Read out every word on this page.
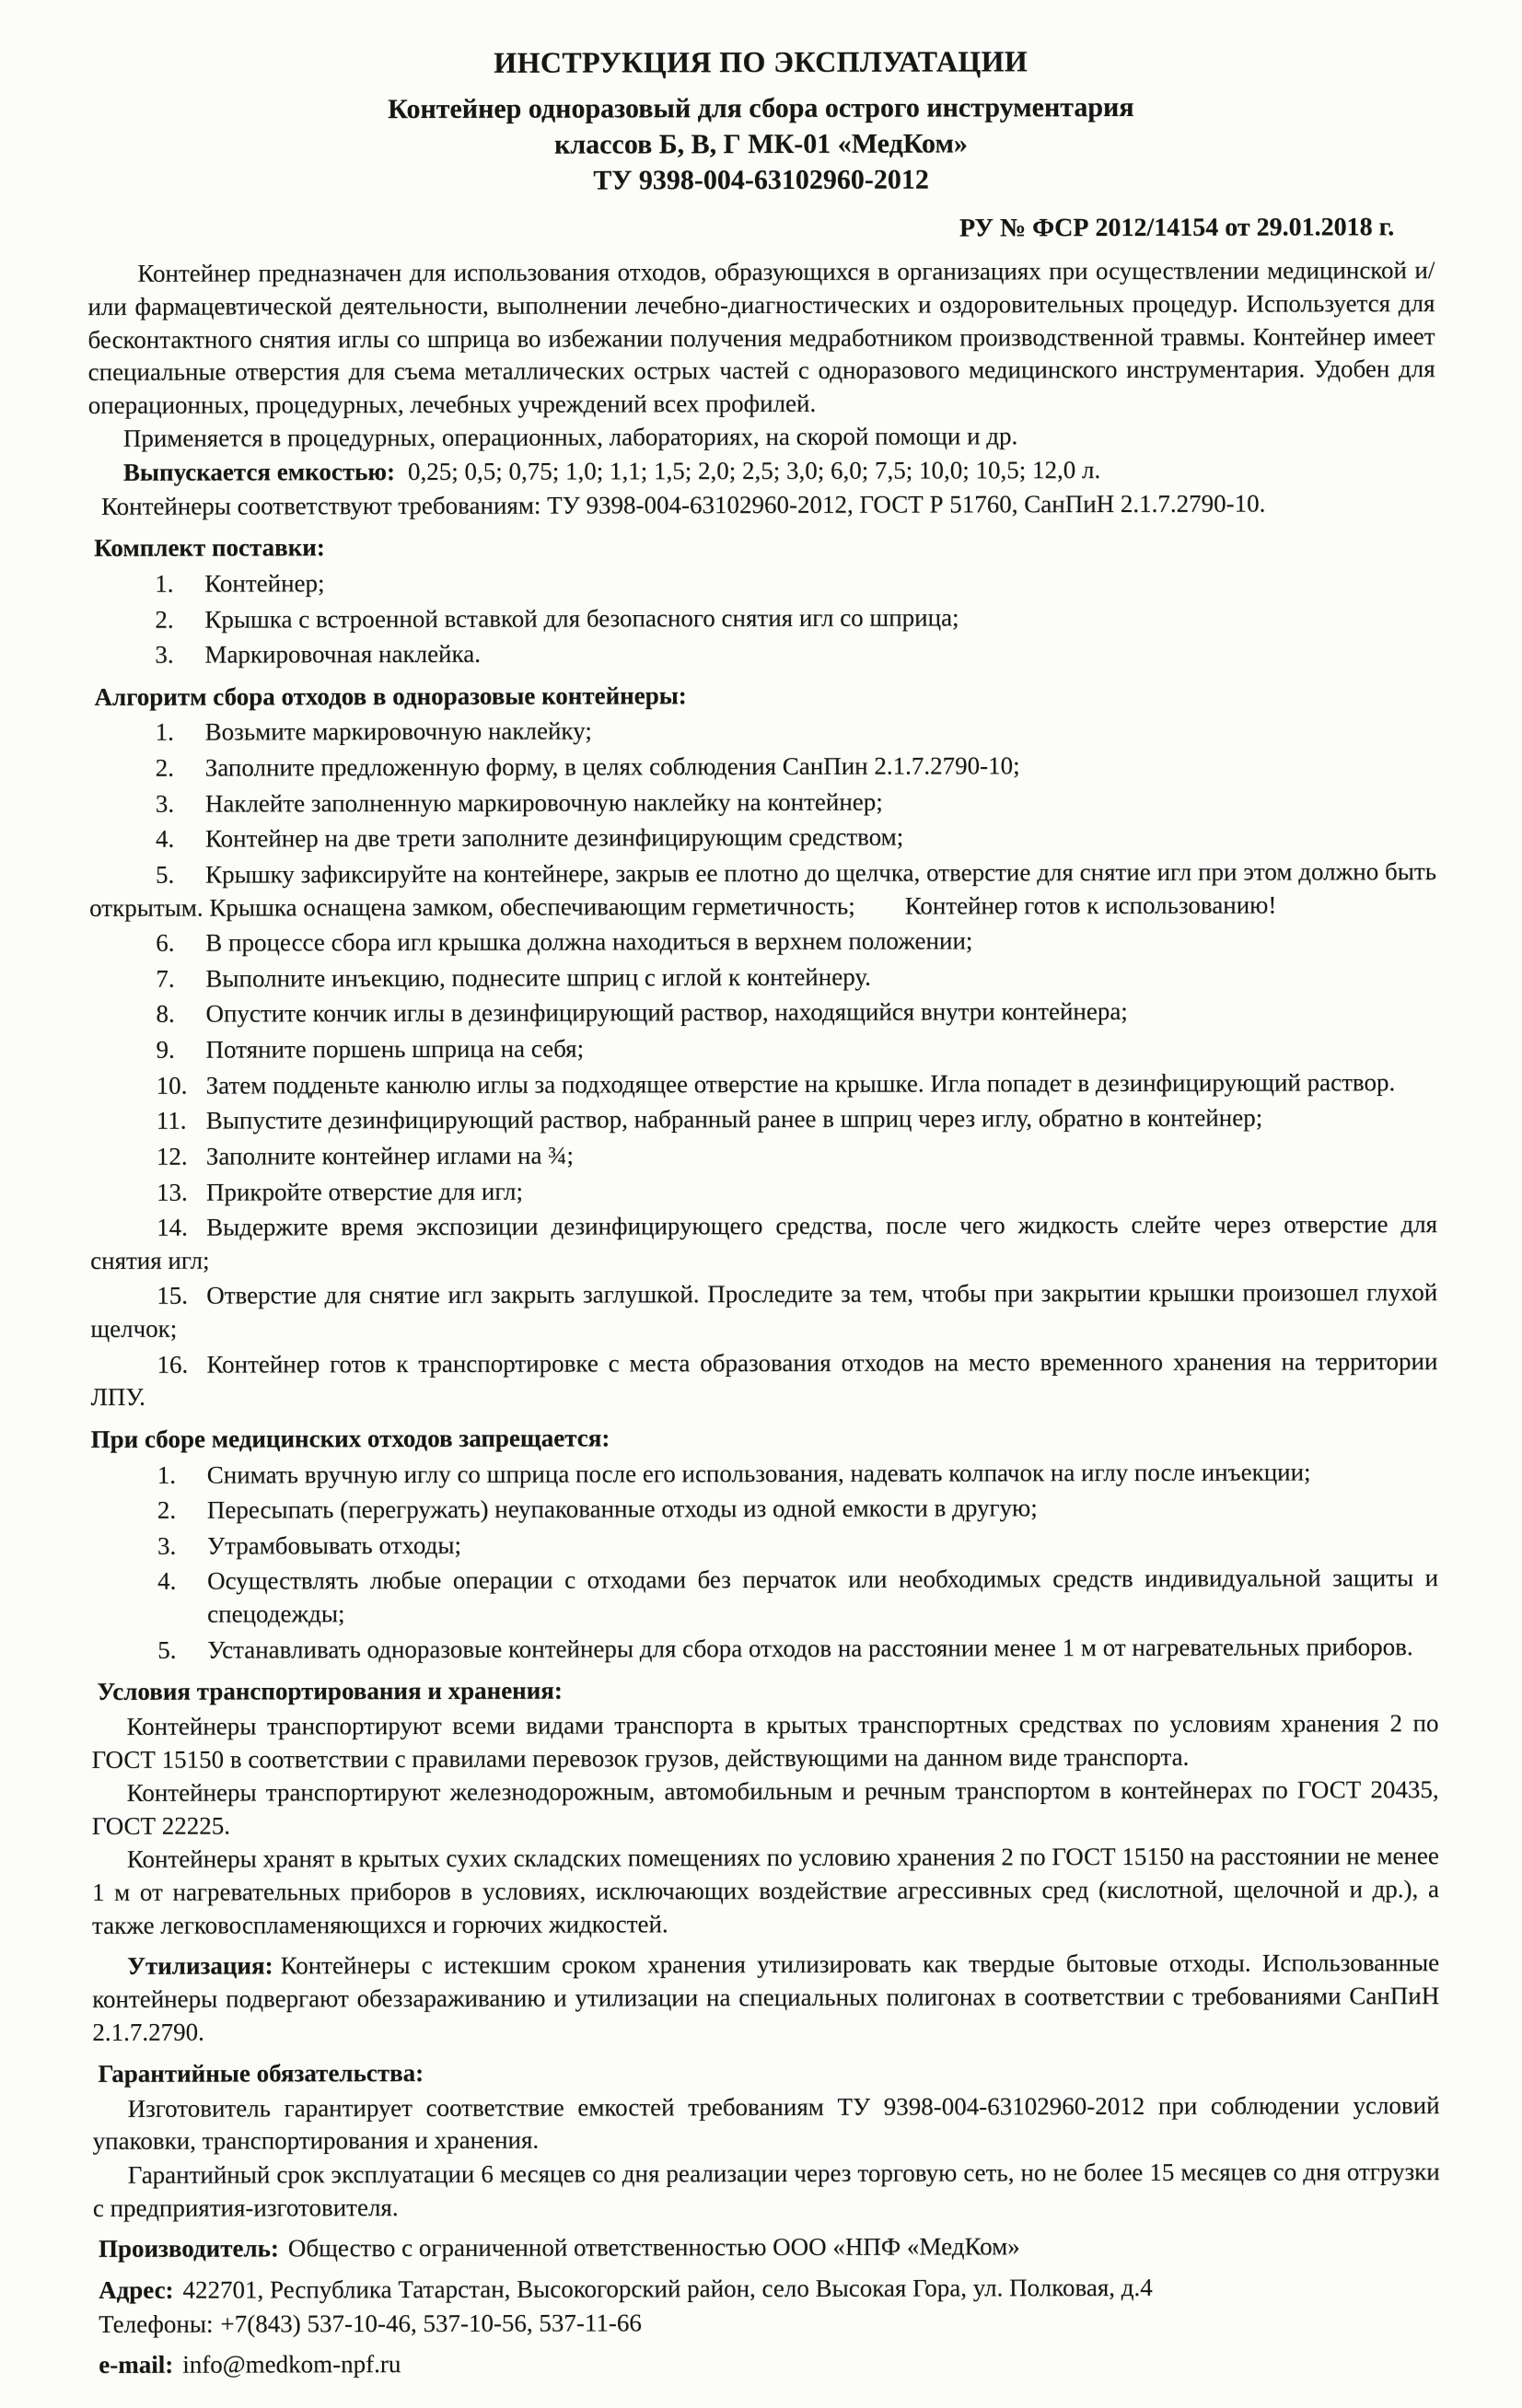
ИНСТРУКЦИЯ ПО ЭКСПЛУАТАЦИИ
Контейнер одноразовый для сбора острого инструментария
классов Б, В, Г МК-01 «МедКом»
ТУ 9398-004-63102960-2012
РУ № ФСР 2012/14154 от 29.01.2018 г.

Контейнер предназначен для использования отходов, образующихся в организациях при осуществлении медицинской и/или фармацевтической деятельности, выполнении лечебно-диагностических и оздоровительных процедур. Используется для бесконтактного снятия иглы со шприца во избежании получения медработником производственной травмы. Контейнер имеет специальные отверстия для съема металлических острых частей с одноразового медицинского инструментария. Удобен для операционных, процедурных, лечебных учреждений всех профилей.

Применяется в процедурных, операционных, лабораториях, на скорой помощи и др.

Выпускается емкостью: 0,25; 0,5; 0,75; 1,0; 1,1; 1,5; 2,0; 2,5; 3,0; 6,0; 7,5; 10,0; 10,5; 12,0 л.

Контейнеры соответствуют требованиям: ТУ 9398-004-63102960-2012, ГОСТ Р 51760, СанПиН 2.1.7.2790-10.

Комплект поставки:
1. Контейнер;
2. Крышка с встроенной вставкой для безопасного снятия игл со шприца;
3. Маркировочная наклейка.
Алгоритм сбора отходов в одноразовые контейнеры:
1. Возьмите маркировочную наклейку;
2. Заполните предложенную форму, в целях соблюдения СанПин 2.1.7.2790-10;
3. Наклейте заполненную маркировочную наклейку на контейнер;
4. Контейнер на две трети заполните дезинфицирующим средством;
5. Крышку зафиксируйте на контейнере, закрыв ее плотно до щелчка, отверстие для снятие игл при этом должно быть открытым. Крышка оснащена замком, обеспечивающим герметичность;  Контейнер готов к использованию!
6. В процессе сбора игл крышка должна находиться в верхнем положении;
7. Выполните инъекцию, поднесите шприц с иглой к контейнеру.
8. Опустите кончик иглы в дезинфицирующий раствор, находящийся внутри контейнера;
9. Потяните поршень шприца на себя;
10. Затем подденьте канюлю иглы за подходящее отверстие на крышке. Игла попадет в дезинфицирующий раствор.
11. Выпустите дезинфицирующий раствор, набранный ранее в шприц через иглу, обратно в контейнер;
12. Заполните контейнер иглами на ¾;
13. Прикройте отверстие для игл;
14. Выдержите время экспозиции дезинфицирующего средства, после чего жидкость слейте через отверстие для снятия игл;
15. Отверстие для снятие игл закрыть заглушкой. Проследите за тем, чтобы при закрытии крышки произошел глухой щелчок;
16. Контейнер готов к транспортировке с места образования отходов на место временного хранения на территории ЛПУ.
При сборе медицинских отходов запрещается:
1. Снимать вручную иглу со шприца после его использования, надевать колпачок на иглу после инъекции;
2. Пересыпать (перегружать) неупакованные отходы из одной емкости в другую;
3. Утрамбовывать отходы;
4. Осуществлять любые операции с отходами без перчаток или необходимых средств индивидуальной защиты и спецодежды;
5. Устанавливать одноразовые контейнеры для сбора отходов на расстоянии менее 1 м от нагревательных приборов.
Условия транспортирования и хранения:

Контейнеры транспортируют всеми видами транспорта в крытых транспортных средствах по условиям хранения 2 по ГОСТ 15150 в соответствии с правилами перевозок грузов, действующими на данном виде транспорта.

Контейнеры транспортируют железнодорожным, автомобильным и речным транспортом в контейнерах по ГОСТ 20435, ГОСТ 22225.

Контейнеры хранят в крытых сухих складских помещениях по условию хранения 2 по ГОСТ 15150 на расстоянии не менее 1 м от нагревательных приборов в условиях, исключающих воздействие агрессивных сред (кислотной, щелочной и др.), а также легковоспламеняющихся и горючих жидкостей.

Утилизация: Контейнеры с истекшим сроком хранения утилизировать как твердые бытовые отходы. Использованные контейнеры подвергают обеззараживанию и утилизации на специальных полигонах в соответствии с требованиями СанПиН 2.1.7.2790.

Гарантийные обязательства:

Изготовитель гарантирует соответствие емкостей требованиям ТУ 9398-004-63102960-2012 при соблюдении условий упаковки, транспортирования и хранения.

Гарантийный срок эксплуатации 6 месяцев со дня реализации через торговую сеть, но не более 15 месяцев со дня отгрузки с предприятия-изготовителя.

Производитель: Общество с ограниченной ответственностью ООО «НПФ «МедКом»

Адрес: 422701, Республика Татарстан, Высокогорский район, село Высокая Гора, ул. Полковая, д.4

Телефоны: +7(843) 537-10-46, 537-10-56, 537-11-66

e-mail: info@medkom-npf.ru
